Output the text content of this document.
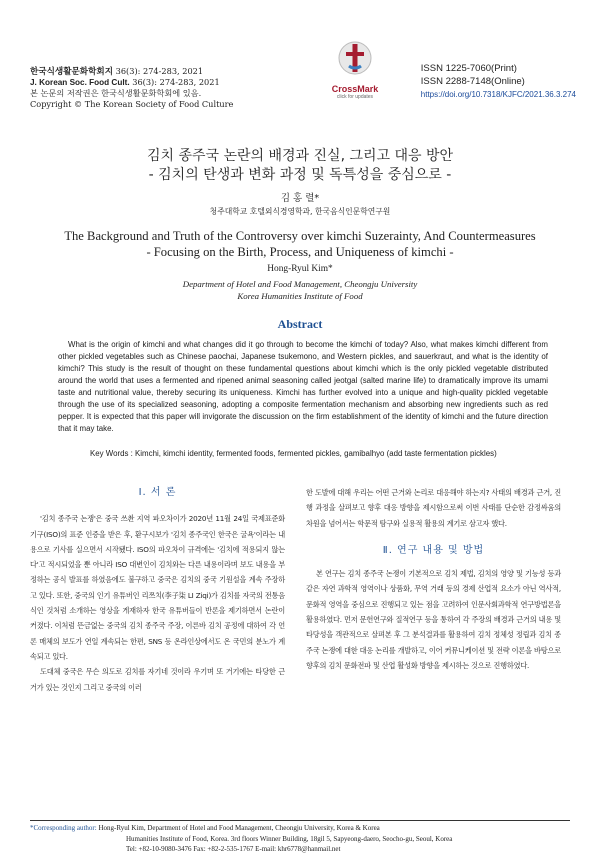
한국식생활문화학회지 36(3): 274-283, 2021
J. Korean Soc. Food Cult. 36(3): 274-283, 2021
본 논문의 저작권은 한국식생활문화학회에 있음.
Copyright © The Korean Society of Food Culture
CrossMark
click for updates
ISSN 1225-7060(Print)
ISSN 2288-7148(Online)
https://doi.org/10.7318/KJFC/2021.36.3.274
김치 종주국 논란의 배경과 진실, 그리고 대응 방안
- 김치의 탄생과 변화 과정 및 독특성을 중심으로 -
김 홍 렬*
청주대학교 호텔외식경영학과, 한국음식인문학연구원
The Background and Truth of the Controversy over kimchi Suzerainty, And Countermeasures
- Focusing on the Birth, Process, and Uniqueness of kimchi -
Hong-Ryul Kim*
Department of Hotel and Food Management, Cheongju University
Korea Humanities Institute of Food
Abstract
What is the origin of kimchi and what changes did it go through to become the kimchi of today? Also, what makes kimchi different from other pickled vegetables such as Chinese paochai, Japanese tsukemono, and Western pickles, and sauerkraut, and what is the identity of kimchi? This study is the result of thought on these fundamental questions about kimchi which is the only pickled vegetable distributed around the world that uses a fermented and ripened animal seasoning called jeotgal (salted marine life) to dramatically improve its umami taste and nutritional value, thereby securing its uniqueness. Kimchi has further evolved into a unique and high-quality pickled vegetable through the use of its specialized seasoning, adopting a composite fermentation mechanism and absorbing new ingredients such as red pepper. It is expected that this paper will invigorate the discussion on the firm establishment of the identity of kimchi and the future direction that it may take.
Key Words : Kimchi, kimchi identity, fermented foods, fermented pickles, gamibalhyo (add taste fermentation pickles)
Ⅰ. 서 론

'김치 종주국 논쟁'은 중국 쓰촨 지역 파오차이가 2020년 11월 24일 국제표준화기구(ISO)의 표준 인증을 받은 후, 환구시보가 '김치 종주국인 한국은 굴욕'이라는 내용으로 기사를 실으면서 시작됐다. ISO의 파오차이 규격에는 '김치에 적용되지 않는다'고 적시되었을 뿐 아니라 ISO 대변인이 김치와는 다른 내용이라며 보도 내용을 부정하는 공식 발표를 하였음에도 불구하고 중국은 김치의 중국 기원설을 계속 주장하고 있다. 또한, 중국의 인기 유튜버인 리쯔치(李子柒 LI Ziqi)가 김치를 자국의 전통음식인 것처럼 소개하는 영상을 게재하자 한국 유튜버들이 반론을 제기하면서 논란이 커졌다. 이처럼 뜬금없는 중국의 김치 종주국 주장, 이른바 김치 공정에 대하여 각 언론 매체의 보도가 연일 계속되는 한편, SNS 등 온라인상에서도 온 국민의 분노가 계속되고 있다.

도대체 중국은 무슨 의도로 김치를 자기네 것이라 우기며 또 거기에는 타당한 근거가 있는 것인지 그리고 중국의 이러

한 도발에 대해 우리는 어떤 근거와 논리로 대응해야 하는지? 사태의 배경과 근거, 진행 과정을 살펴보고 향후 대응 방향을 제시함으로써 이번 사태를 단순한 감정싸움의 차원을 넘어서는 학문적 탐구와 실용적 활용의 계기로 삼고자 했다.

Ⅱ. 연구 내용 및 방법

본 연구는 김치 종주국 논쟁이 기본적으로 김치 제법, 김치의 영양 및 기능성 등과 같은 자연 과학적 영역이나 상품화, 무역 거래 등의 경제 산업적 요소가 아닌 역사적, 문화적 영역을 중심으로 진행되고 있는 점을 고려하여 인문사회과학적 연구방법론을 활용하였다. 먼저 문헌연구와 질적연구 등을 통하여 각 주장의 배경과 근거의 내용 및 타당성을 객관적으로 살펴본 후 그 분석결과를 활용하여 김치 정체성 정립과 김치 종주국 논쟁에 대한 대응 논리를 개발하고, 이어 커뮤니케이션 및 전략 이론을 바탕으로 향후의 김치 문화전파 및 산업 활성화 방향을 제시하는 것으로 진행하였다.

*Corresponding author: Hong-Ryul Kim, Department of Hotel and Food Management, Cheongju University, Korea & Korea
Humanities Institute of Food, Korea. 3rd floors Winner Building, 18gil 5, Sapyeong-daero, Seocho-gu, Seoul, Korea
Tel: +82-10-9080-3476 Fax: +82-2-535-1767 E-mail: khr6778@hanmail.net
